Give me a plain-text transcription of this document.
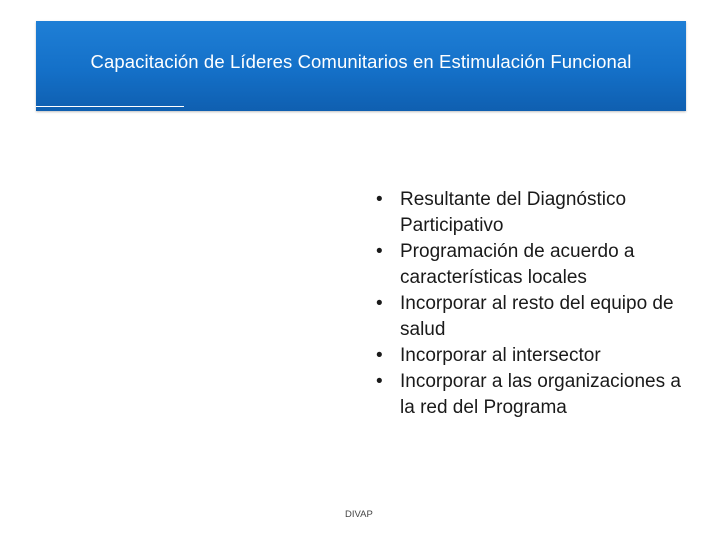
Capacitación de Líderes Comunitarios en Estimulación Funcional
• Resultante del Diagnóstico Participativo
• Programación de acuerdo a características locales
• Incorporar al resto del equipo de salud
• Incorporar al intersector
• Incorporar a las organizaciones a la red del Programa
DIVAP
